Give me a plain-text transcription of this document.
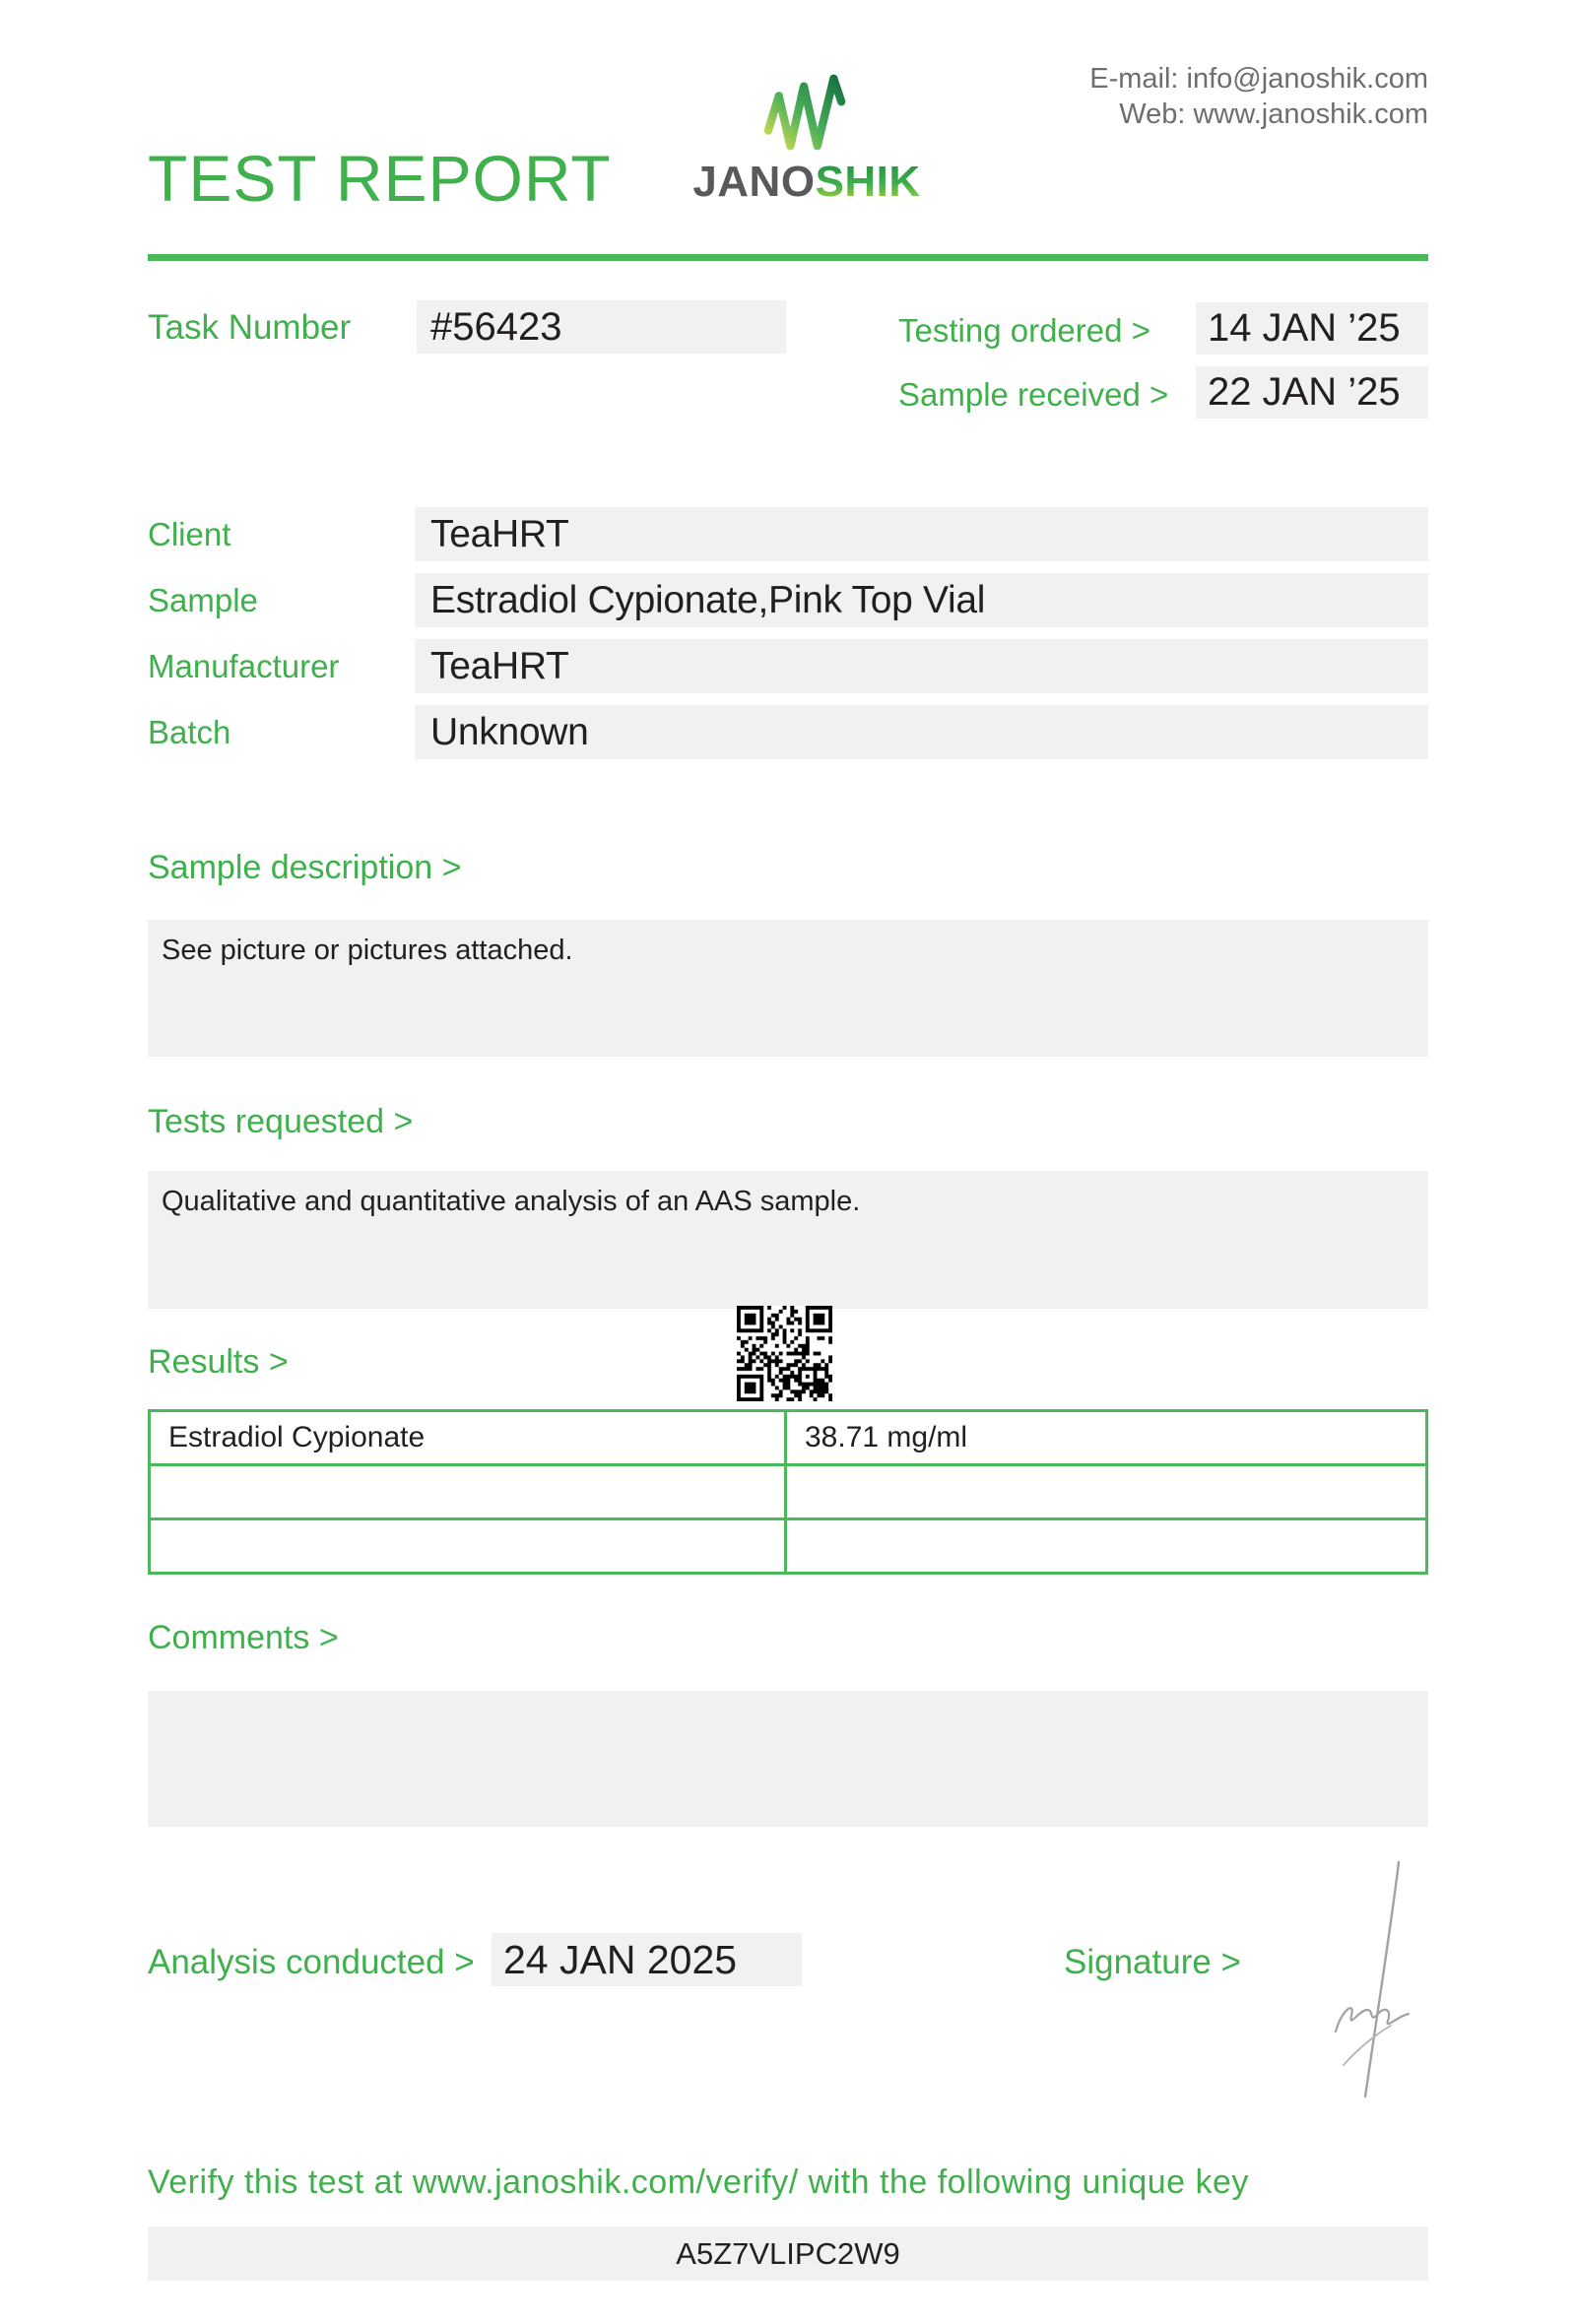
TEST REPORT	JANOSHIK
E-mail: info@janoshik.com
Web: www.janoshik.com
Task Number	#56423	Testing ordered >	14 JAN ’25
Sample received > 22 JAN ’25
Client	TeaHRT
Sample	Estradiol Cypionate,Pink Top Vial
Manufacturer	TeaHRT
Batch	Unknown
Sample description >
See picture or pictures attached.
Tests requested >
Qualitative and quantitative analysis of an AAS sample.
Results >
Estradiol Cypionate	38.71 mg/ml

Comments >
Analysis conducted > 24 JAN 2025	Signature >
Verify this test at www.janoshik.com/verify/ with the following unique key
A5Z7VLIPC2W9
